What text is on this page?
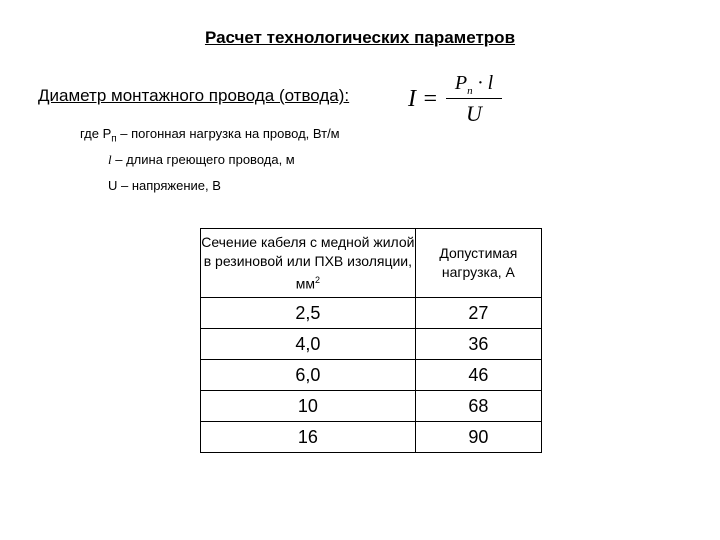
Расчет технологических параметров
Диаметр монтажного провода (отвода): I =
$P_п \cdot l$
U
где $P_п$ – погонная нагрузка на провод, Вт/м
l – длина греющего провода, м
U – напряжение, В
Сечение кабеля с медной жилой в резиновой или ПХВ изоляции, $мм^2$	Допустимая нагрузка, А
2,5	27
4,0	36
6,0	46
10	68
16	90
